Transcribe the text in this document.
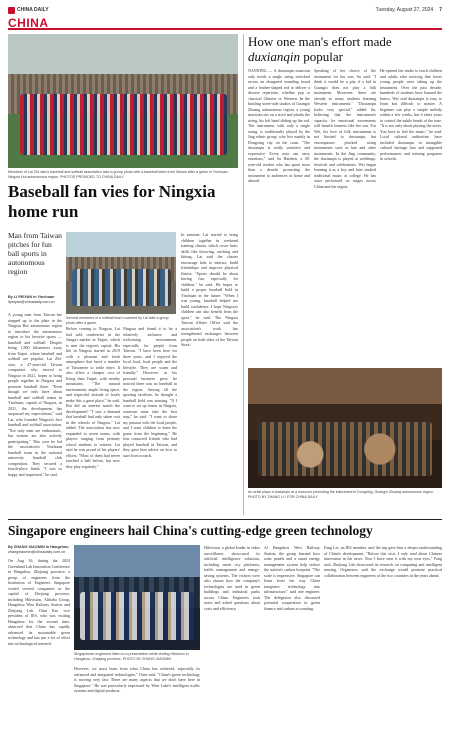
CHINA DAILY	Tuesday, August 27, 2024 7
CHINA
Members of Lai Zhi-xiao's baseball and softball association take a group photo with a baseball team from Taiwan after a game in Yinchuan, Ningxia Hui autonomous region. PHOTOS PROVIDED TO CHINA DAILY
Baseball fan vies for Ningxia home run
Man from Taiwan pitches for fun ball sports in autonomous region
By LI PEIYAN in Yinchuan
lipeiyan@chinadaily.com.cn
A young man from Taiwan has stepped up to the plate in the Ningxia Hui autonomous region to introduce the autonomous region to his favorite sports — baseball and softball. Despite being 1,800 kilometers away from Taipei, where baseball and softball are popular, Lai Zhi-xiao, a 47-year-old Taiwan compatriot who moved to Ningxia in 2021, hopes to bring people together in Ningxia and promote baseball there. "Even though we only have about baseball and softball teams in Yinchuan, capital of Ningxia, in 2021, the development has surpassed my expectations," said Lai, who founded Ningxia's first baseball and softball association. "Not only men are enthusiastic, but women are also actively participating." This year he led the association's Yinchuan baseball team in the national university baseball club competition. They secured a fourth-place finish. "I was so happy and impressed," he said.
Several members of a softball team coached by Lai take a group photo after a game.
Before coming to Ningxia, Lai had sold cranberries in the Jiangxi market in Taipei, which is near the region's capital. His life in Ningxia started in 2019 with a pleasant and fresh atmosphere that lured a number of Taiwanese to settle there. It also offers a cheaper cost of living than Taipei, with nearby mountains. "The natural environment, ample living space, and respectful attitude of locals make this a great place," he said. But did an interest match the development? "I saw a demand that baseball had only taken root in the schools of Ningxia," Lai added. The association has now expanded to seven teams, with players ranging from primary school students to retirees. Lai said he was proud of his players' efforts. "Most of them had never touched a ball before, but now they play regularly."
Ningxia and found it to be a relatively inclusive and welcoming environment, especially for people from Taiwan. "I have been here for three years, and I enjoyed the local food, local people and the lifestyle. They are warm and friendly." However, as his personal business grew, he noticed there was no baseball in the region. Among all the sporting facilities, he thought a baseball field was missing. "If I want to set up teams in Ningxia, someone must take the first step," he said. "I want to share my passion with the local people, and I want children to learn the game from the beginning." He first contacted friends who had played baseball in Taiwan, and they gave him advice on how to start from scratch.
In summer, Lai started to bring children together in weekend training classes, which cover basic skills like throwing, catching and hitting. Lai said the classes encourage kids to interact, build friendships and improve physical fitness. "Sports should be about having fun, especially for children," he said. He hopes to build a proper baseball field in Yinchuan in the future. "When I was young, baseball helped me build confidence. I hope Ningxia's children can also benefit from the sport," he said. The Ningxia Taiwan Affairs Office said the association's work has strengthened exchanges between people on both sides of the Taiwan Strait.
How one man's effort made duxianqin popular
NANNING — A duxianqin musician only needs a single string stretched across an elongated sounding board and a feather-shaped rod to deliver a diverse repertoire, whether pop or classical Chinese or Western. In the bustling street-side studios of Guangxi Zhuang autonomous region, a young musician sits on a stool and plucks the string, his left hand sliding up the rod. The instrument, with only a single string, is traditionally played by the Jing ethnic group, who live mainly in Dongxing city on the coast. "The duxianqin is really sensitive and expressive. Every note can carry emotions," said Su Haizhen, a 38-year-old teacher who has spent more than a decade promoting the instrument to audiences at home and abroad.
Speaking of her choice of the instrument for her son, Su said: "I think it would be a pity if a kid in Guangxi does not play a folk instrument. Moreover, there are already so many students learning Western instruments." "Duxianqin looks very special," added Su, believing that the instrument's capacity for emotional movements will benefit learners like her son. For Wei, his love of folk instruments is not limited to duxianqin, but encompasses plucked string instruments such as lute and other instruments. In the Jing community, the duxianqin is played at weddings, festivals and celebrations. Wei began learning it as a boy and later studied traditional music at college. He has since performed on stages across China and the region.
He opened the studio to teach children and adults after noticing that fewer young people were taking up the instrument. Over the past decade, hundreds of students have learned the basics. Wei said duxianqin is easy to learn but difficult to master. A beginner can play a simple melody within a few weeks, but it takes years to control the subtle bends of the tone. "It is not only about playing the notes. You have to feel the music," he said. Local cultural authorities have included duxianqin in intangible cultural heritage lists and supported performances and training programs in schools.
An artist plays a duxianqin at a museum promoting the instrument in Dongxing, Guangxi Zhuang autonomous region. PHOTO BY ZHANG LI / FOR CHINA DAILY
Singapore engineers hail China's cutting-edge green technology
By ZHANG XIAOMIN in Hangzhou
zhangxiaomin@chinadaily.com.cn
On Aug 16, during the 2024 Greenland Lab Innovation Conference in Hangzhou, Zhejiang province, a group of engineers from the Institution of Engineers Singapore visited several companies in the capital of Zhejiang province, including Hikvision, Alibaba Group, Hangzhou West Railway Station and Zhejiang Lab. Chen Kai, vice president of IES, who was visiting Hangzhou for the second time, observed that China has rapidly advanced its sustainable green technology and has put a lot of effort into technological research.
Singaporean engineers listen to a presentation while visiting Hikvision in Hangzhou, Zhejiang province. PHOTO BY ZHANG XIAOMIN
However, we must learn from what China has achieved, especially its advanced and integrated technologies," Chen said. "China's green technology is moving very fast. There are many aspects that we don't have here in Singapore." He was particularly impressed by West Lake's intelligent traffic systems and digital products.
Hikvision, a global leader in video surveillance, showcased its artificial intelligence solutions, including smart city platforms, traffic management and energy-saving systems. The visitors were also shown how the company's technologies are used in green buildings and industrial parks across China. Engineers took notes and asked questions about costs and efficiency.
At Hangzhou West Railway Station, the group learned how solar panels and a smart energy management system help reduce the station's carbon footprint. "The scale is impressive. Singapore can learn from the way China integrates technology into infrastructure," said one engineer. The delegation also discussed potential cooperation in green finance and carbon accounting.
Fang Lei, an IES member, said the trip gave him a deeper understanding of China's development. "Before this visit, I only read about Chinese innovation in the news. Now I have seen it with my own eyes," Fang said. Zhejiang Lab showcased its research on computing and intelligent sensing. Organizers said the exchange would promote practical collaboration between engineers of the two countries in the years ahead.
